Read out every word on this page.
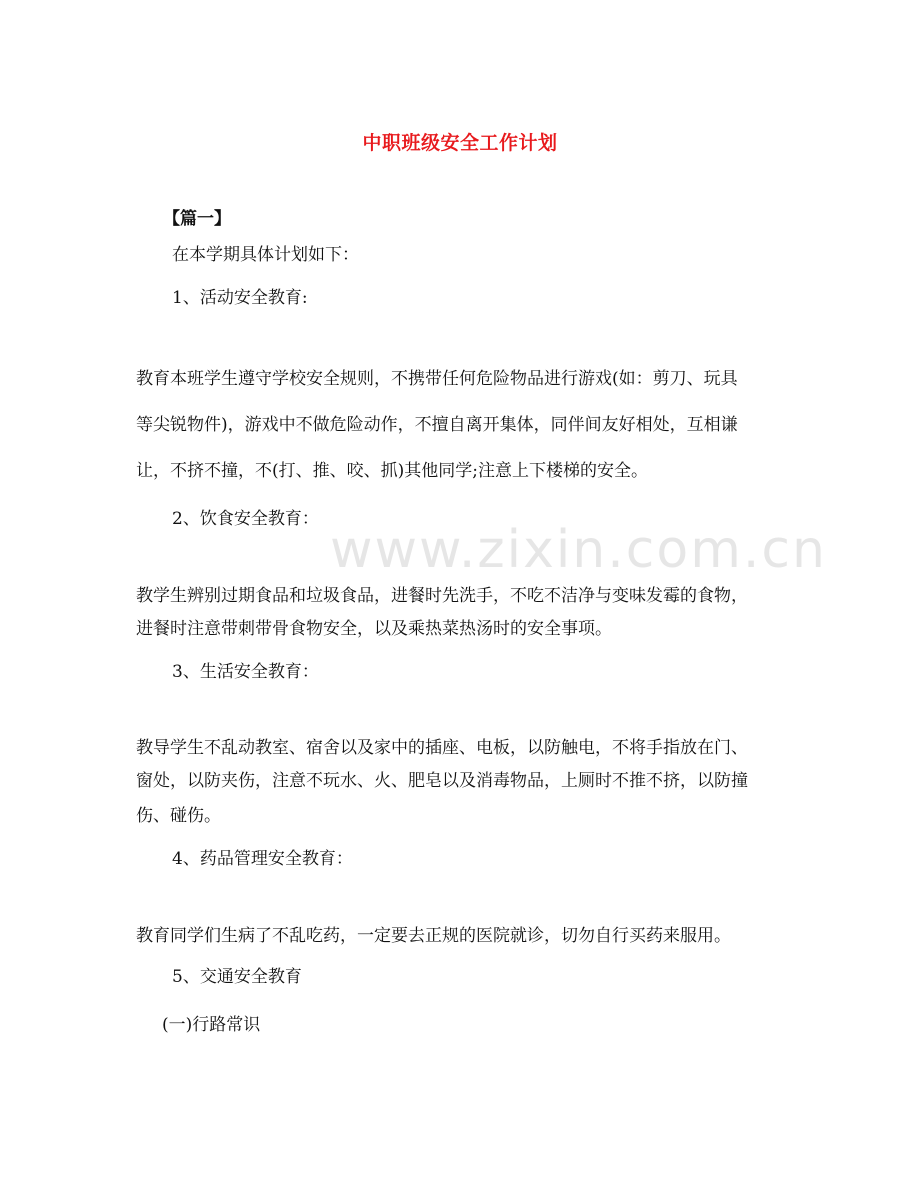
www.zixin.com.cn
中职班级安全工作计划
【篇一】
在本学期具体计划如下：
1、活动安全教育:
教育本班学生遵守学校安全规则，不携带任何危险物品进行游戏(如：剪刀、玩具
等尖锐物件)，游戏中不做危险动作，不擅自离开集体，同伴间友好相处，互相谦
让，不挤不撞，不(打、推、咬、抓)其他同学;注意上下楼梯的安全。
2、饮食安全教育：
教学生辨别过期食品和垃圾食品，进餐时先洗手，不吃不洁净与变味发霉的食物，
进餐时注意带刺带骨食物安全，以及乘热菜热汤时的安全事项。
3、生活安全教育：
教导学生不乱动教室、宿舍以及家中的插座、电板，以防触电，不将手指放在门、
窗处，以防夹伤，注意不玩水、火、肥皂以及消毒物品，上厕时不推不挤，以防撞
伤、碰伤。
4、药品管理安全教育：
教育同学们生病了不乱吃药，一定要去正规的医院就诊，切勿自行买药来服用。
5、交通安全教育
(一)行路常识
